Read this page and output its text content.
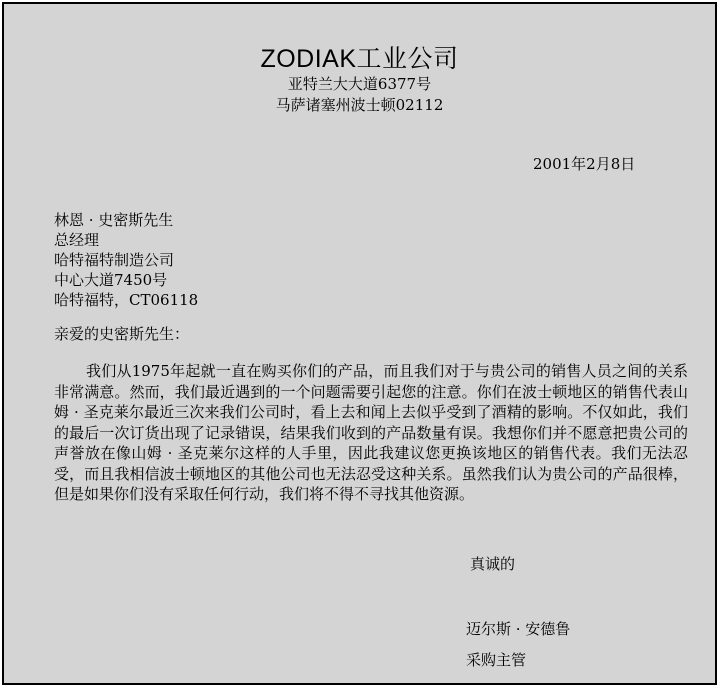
ZODIAK工业公司
亚特兰大大道6377号
马萨诸塞州波士顿02112
2001年2月8日
林恩 · 史密斯先生
总经理
哈特福特制造公司
中心大道7450号
哈特福特，CT06118
亲爱的史密斯先生：

我们从1975年起就一直在购买你们的产品，而且我们对于与贵公司的销售人员之间的关系非常满意。然而，我们最近遇到的一个问题需要引起您的注意。你们在波士顿地区的销售代表山姆 · 圣克莱尔最近三次来我们公司时，看上去和闻上去似乎受到了酒精的影响。不仅如此，我们的最后一次订货出现了记录错误，结果我们收到的产品数量有误。我想你们并不愿意把贵公司的声誉放在像山姆 · 圣克莱尔这样的人手里，因此我建议您更换该地区的销售代表。我们无法忍受，而且我相信波士顿地区的其他公司也无法忍受这种关系。虽然我们认为贵公司的产品很棒，但是如果你们没有采取任何行动，我们将不得不寻找其他资源。

真诚的
迈尔斯 · 安德鲁
采购主管
